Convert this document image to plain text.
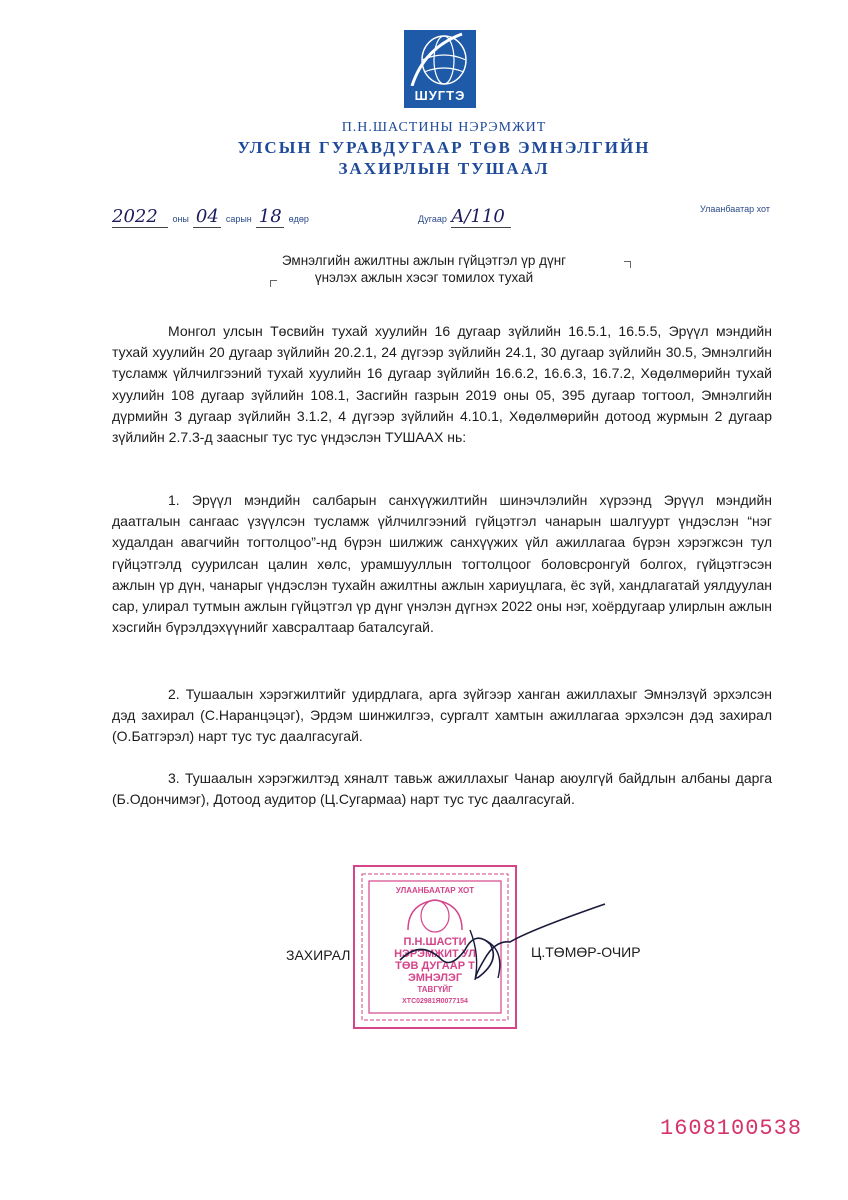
ШУГТЭ
П.Н.ШАСТИНЫ НЭРЭМЖИТ
УЛСЫН ГУРАВДУГААР ТӨВ ЭМНЭЛГИЙН
ЗАХИРЛЫН ТУШААЛ
2022 оны 04 сарын 18 өдөр	Дугаар A/110	Улаанбаатар хот
Эмнэлгийн ажилтны ажлын гүйцэтгэл үр дүнг
үнэлэх ажлын хэсэг томилох тухай
Монгол улсын Төсвийн тухай хуулийн 16 дугаар зүйлийн 16.5.1, 16.5.5, Эрүүл мэндийн тухай хуулийн 20 дугаар зүйлийн 20.2.1, 24 дүгээр зүйлийн 24.1, 30 дугаар зүйлийн 30.5, Эмнэлгийн тусламж үйлчилгээний тухай хуулийн 16 дугаар зүйлийн 16.6.2, 16.6.3, 16.7.2, Хөдөлмөрийн тухай хуулийн 108 дугаар зүйлийн 108.1, Засгийн газрын 2019 оны 05, 395 дугаар тогтоол, Эмнэлгийн дүрмийн 3 дугаар зүйлийн 3.1.2, 4 дүгээр зүйлийн 4.10.1, Хөдөлмөрийн дотоод журмын 2 дугаар зүйлийн 2.7.3-д заасныг тус тус үндэслэн ТУШААХ нь:
1. Эрүүл мэндийн салбарын санхүүжилтийн шинэчлэлийн хүрээнд Эрүүл мэндийн даатгалын сангаас үзүүлсэн тусламж үйлчилгээний гүйцэтгэл чанарын шалгуурт үндэслэн “нэг худалдан авагчийн тогтолцоо”-нд бүрэн шилжиж санхүүжих үйл ажиллагаа бүрэн хэрэгжсэн тул гүйцэтгэлд суурилсан цалин хөлс, урамшууллын тогтолцоог боловсронгуй болгох, гүйцэтгэсэн ажлын үр дүн, чанарыг үндэслэн тухайн ажилтны ажлын хариуцлага, ёс зүй, хандлагатай уялдуулан сар, улирал тутмын ажлын гүйцэтгэл үр дүнг үнэлэн дүгнэх 2022 оны нэг, хоёрдугаар улирлын ажлын хэсгийн бүрэлдэхүүнийг хавсралтаар баталсугай.
2. Тушаалын хэрэгжилтийг удирдлага, арга зүйгээр ханган ажиллахыг Эмнэлзүй эрхэлсэн дэд захирал (С.Наранцэцэг), Эрдэм шинжилгээ, сургалт хамтын ажиллагаа эрхэлсэн дэд захирал (О.Батгэрэл) нарт тус тус даалгасугай.
3. Тушаалын хэрэгжилтэд хяналт тавьж ажиллахыг Чанар аюулгүй байдлын албаны дарга (Б.Одончимэг), Дотоод аудитор (Ц.Сугармаа) нарт тус тус даалгасугай.
УЛААНБААТАР ХОТ
П.Н.ШАСТИ
НЭРЭМЖИТ УЛ
ТӨВ ДУГААР Т
ЭМНЭЛЭГ
ТАВГҮЙГ
ХТС02981Я0077154
ЗАХИРАЛ	Ц.ТӨМӨР-ОЧИР
1608100538
